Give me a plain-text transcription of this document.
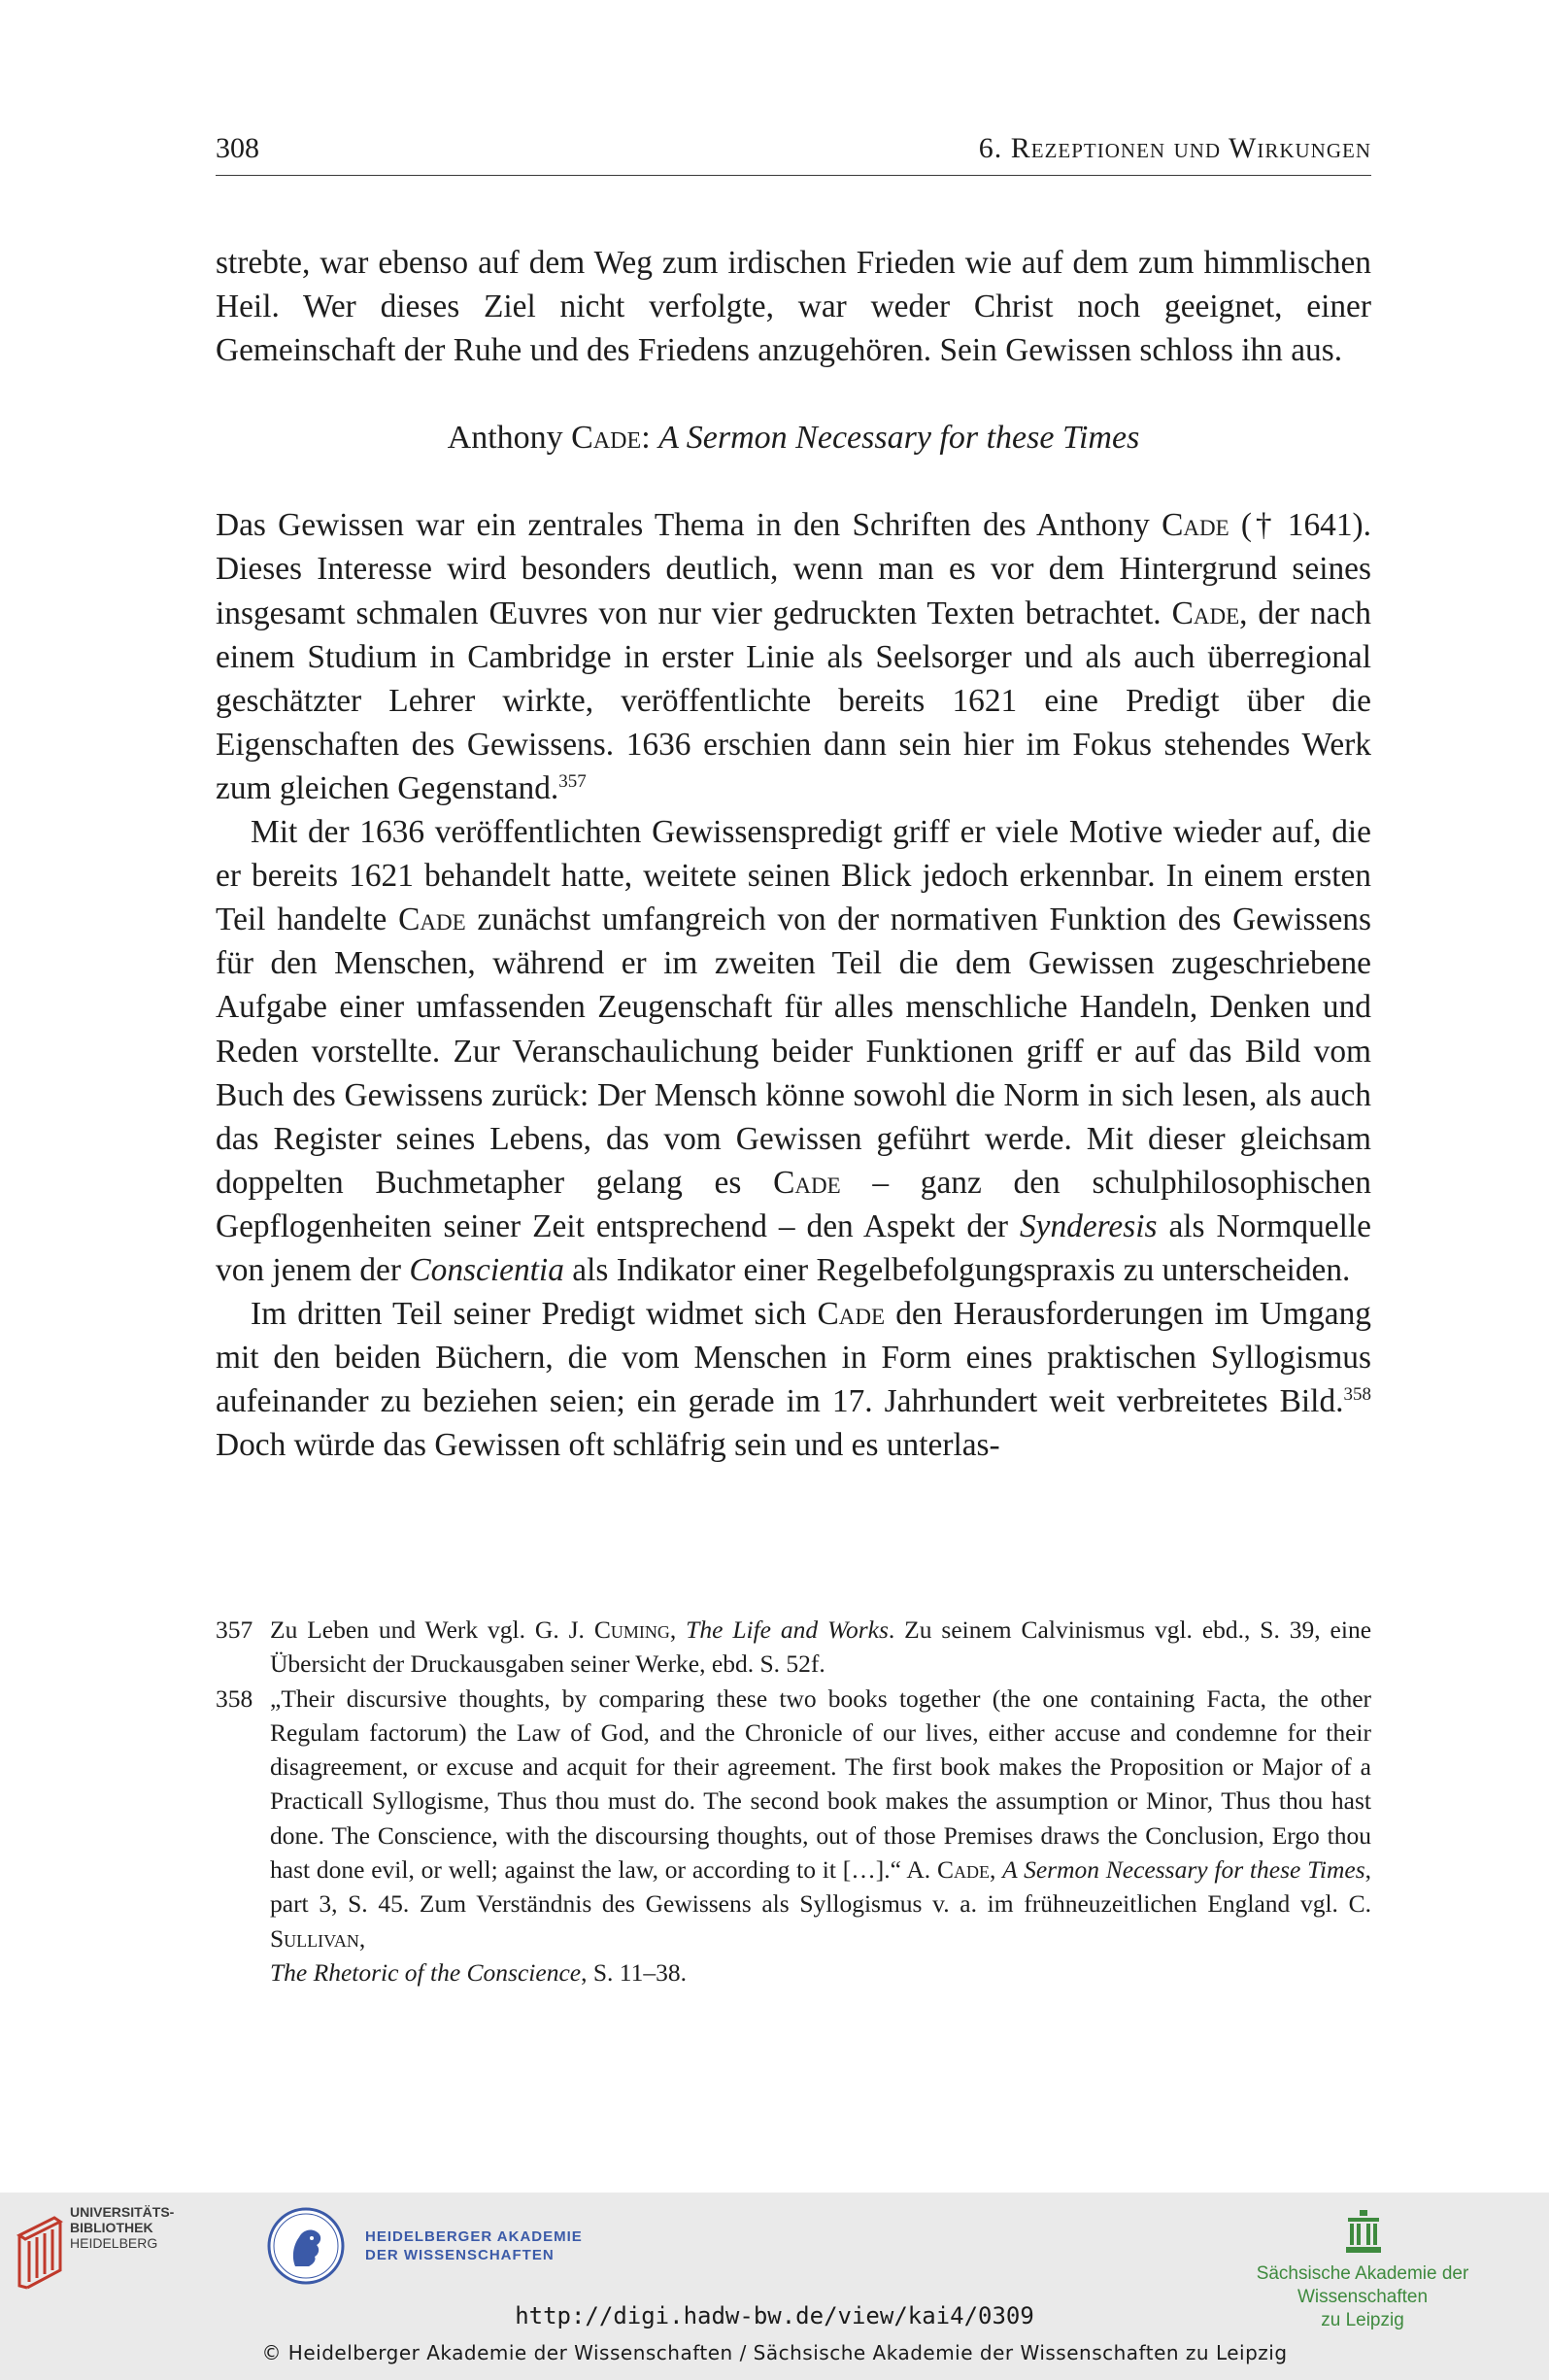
308	6. Rezeptionen und Wirkungen

strebte, war ebenso auf dem Weg zum irdischen Frieden wie auf dem zum himmlischen Heil. Wer dieses Ziel nicht verfolgte, war weder Christ noch geeignet, einer Gemeinschaft der Ruhe und des Friedens anzugehören. Sein Gewissen schloss ihn aus.

Anthony Cade: A Sermon Necessary for these Times

Das Gewissen war ein zentrales Thema in den Schriften des Anthony Cade († 1641). Dieses Interesse wird besonders deutlich, wenn man es vor dem Hintergrund seines insgesamt schmalen Œuvres von nur vier gedruckten Texten betrachtet. Cade, der nach einem Studium in Cambridge in erster Linie als Seelsorger und als auch überregional geschätzter Lehrer wirkte, veröffentlichte bereits 1621 eine Predigt über die Eigenschaften des Gewissens. 1636 erschien dann sein hier im Fokus stehendes Werk zum gleichen Gegenstand.$^{357}$

Mit der 1636 veröffentlichten Gewissenspredigt griff er viele Motive wieder auf, die er bereits 1621 behandelt hatte, weitete seinen Blick jedoch erkennbar. In einem ersten Teil handelte Cade zunächst umfangreich von der normativen Funktion des Gewissens für den Menschen, während er im zweiten Teil die dem Gewissen zugeschriebene Aufgabe einer umfassenden Zeugenschaft für alles menschliche Handeln, Denken und Reden vorstellte. Zur Veranschaulichung beider Funktionen griff er auf das Bild vom Buch des Gewissens zurück: Der Mensch könne sowohl die Norm in sich lesen, als auch das Register seines Lebens, das vom Gewissen geführt werde. Mit dieser gleichsam doppelten Buchmetapher gelang es Cade – ganz den schulphilosophischen Gepflogenheiten seiner Zeit entsprechend – den Aspekt der Synderesis als Normquelle von jenem der Conscientia als Indikator einer Regelbefolgungspraxis zu unterscheiden.

Im dritten Teil seiner Predigt widmet sich Cade den Herausforderungen im Umgang mit den beiden Büchern, die vom Menschen in Form eines praktischen Syllogismus aufeinander zu beziehen seien; ein gerade im 17. Jahrhundert weit verbreitetes Bild.$^{358}$ Doch würde das Gewissen oft schläfrig sein und es unterlas-

357 Zu Leben und Werk vgl. G. J. Cuming, The Life and Works. Zu seinem Calvinismus vgl. ebd., S. 39, eine Übersicht der Druckausgaben seiner Werke, ebd. S. 52f.
358 „Their discursive thoughts, by comparing these two books together (the one containing Facta, the other Regulam factorum) the Law of God, and the Chronicle of our lives, either accuse and condemne for their disagreement, or excuse and acquit for their agreement. The first book makes the Proposition or Major of a Practicall Syllogisme, Thus thou must do. The second book makes the assumption or Minor, Thus thou hast done. The Conscience, with the discoursing thoughts, out of those Premises draws the Conclusion, Ergo thou hast done evil, or well; against the law, or according to it […].“ A. Cade, A Sermon Necessary for these Times, part 3, S. 45. Zum Verständnis des Gewissens als Syllogismus v. a. im frühneuzeitlichen England vgl. C. Sullivan,
The Rhetoric of the Conscience, S. 11–38.
UNIVERSITÄTS-
BIBLIOTHEK
HEIDELBERG	HEIDELBERGER AKADEMIE
DER WISSENSCHAFTEN
Sächsische Akademie der Wissenschaften
zu Leipzig
http://digi.hadw-bw.de/view/kai4/0309
© Heidelberger Akademie der Wissenschaften / Sächsische Akademie der Wissenschaften zu Leipzig
